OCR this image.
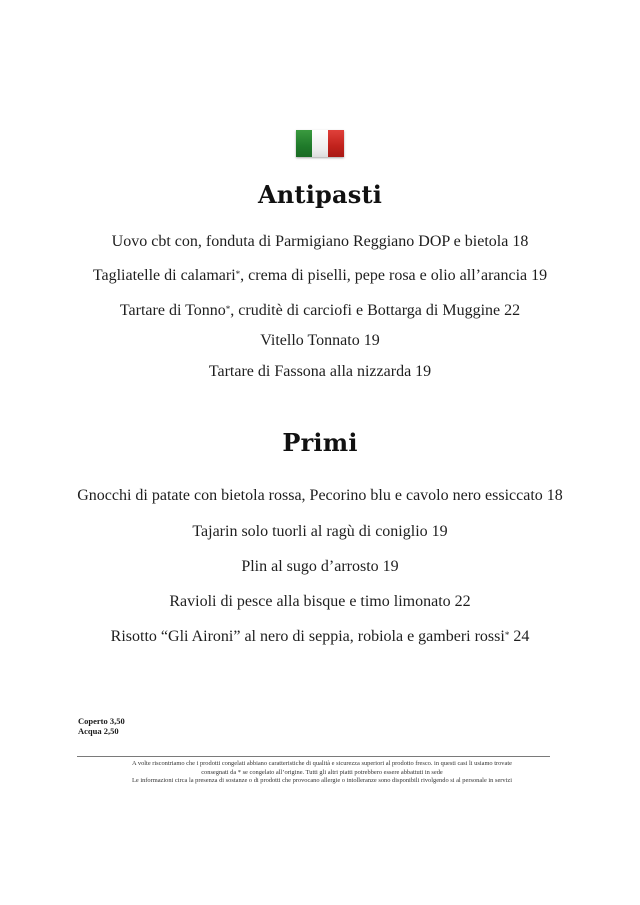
Antipasti
Uovo cbt con, fonduta di Parmigiano Reggiano DOP e bietola 18
Tagliatelle di calamari*, crema di piselli, pepe rosa e olio all’arancia 19
Tartare di Tonno*, cruditè di carciofi e Bottarga di Muggine 22
Vitello Tonnato 19
Tartare di Fassona alla nizzarda 19
Primi
Gnocchi di patate con bietola rossa, Pecorino blu e cavolo nero essiccato 18
Tajarin solo tuorli al ragù di coniglio 19
Plin al sugo d’arrosto 19
Ravioli di pesce alla bisque e timo limonato 22
Risotto “Gli Aironi” al nero di seppia, robiola e gamberi rossi* 24
Coperto 3,50
Acqua 2,50
A volte riscontriamo che i prodotti congelati abbiano caratteristiche di qualità e sicurezza superiori al prodotto fresco. in questi casi li usiamo trovate
consegnati da * se congelato all’origine. Tutti gli altri piatti potrebbero essere abbattuti in sede
Le informazioni circa la presenza di sostanze o di prodotti che provocano allergie o intolleranze sono disponibili rivolgendo si al personale in servizi
